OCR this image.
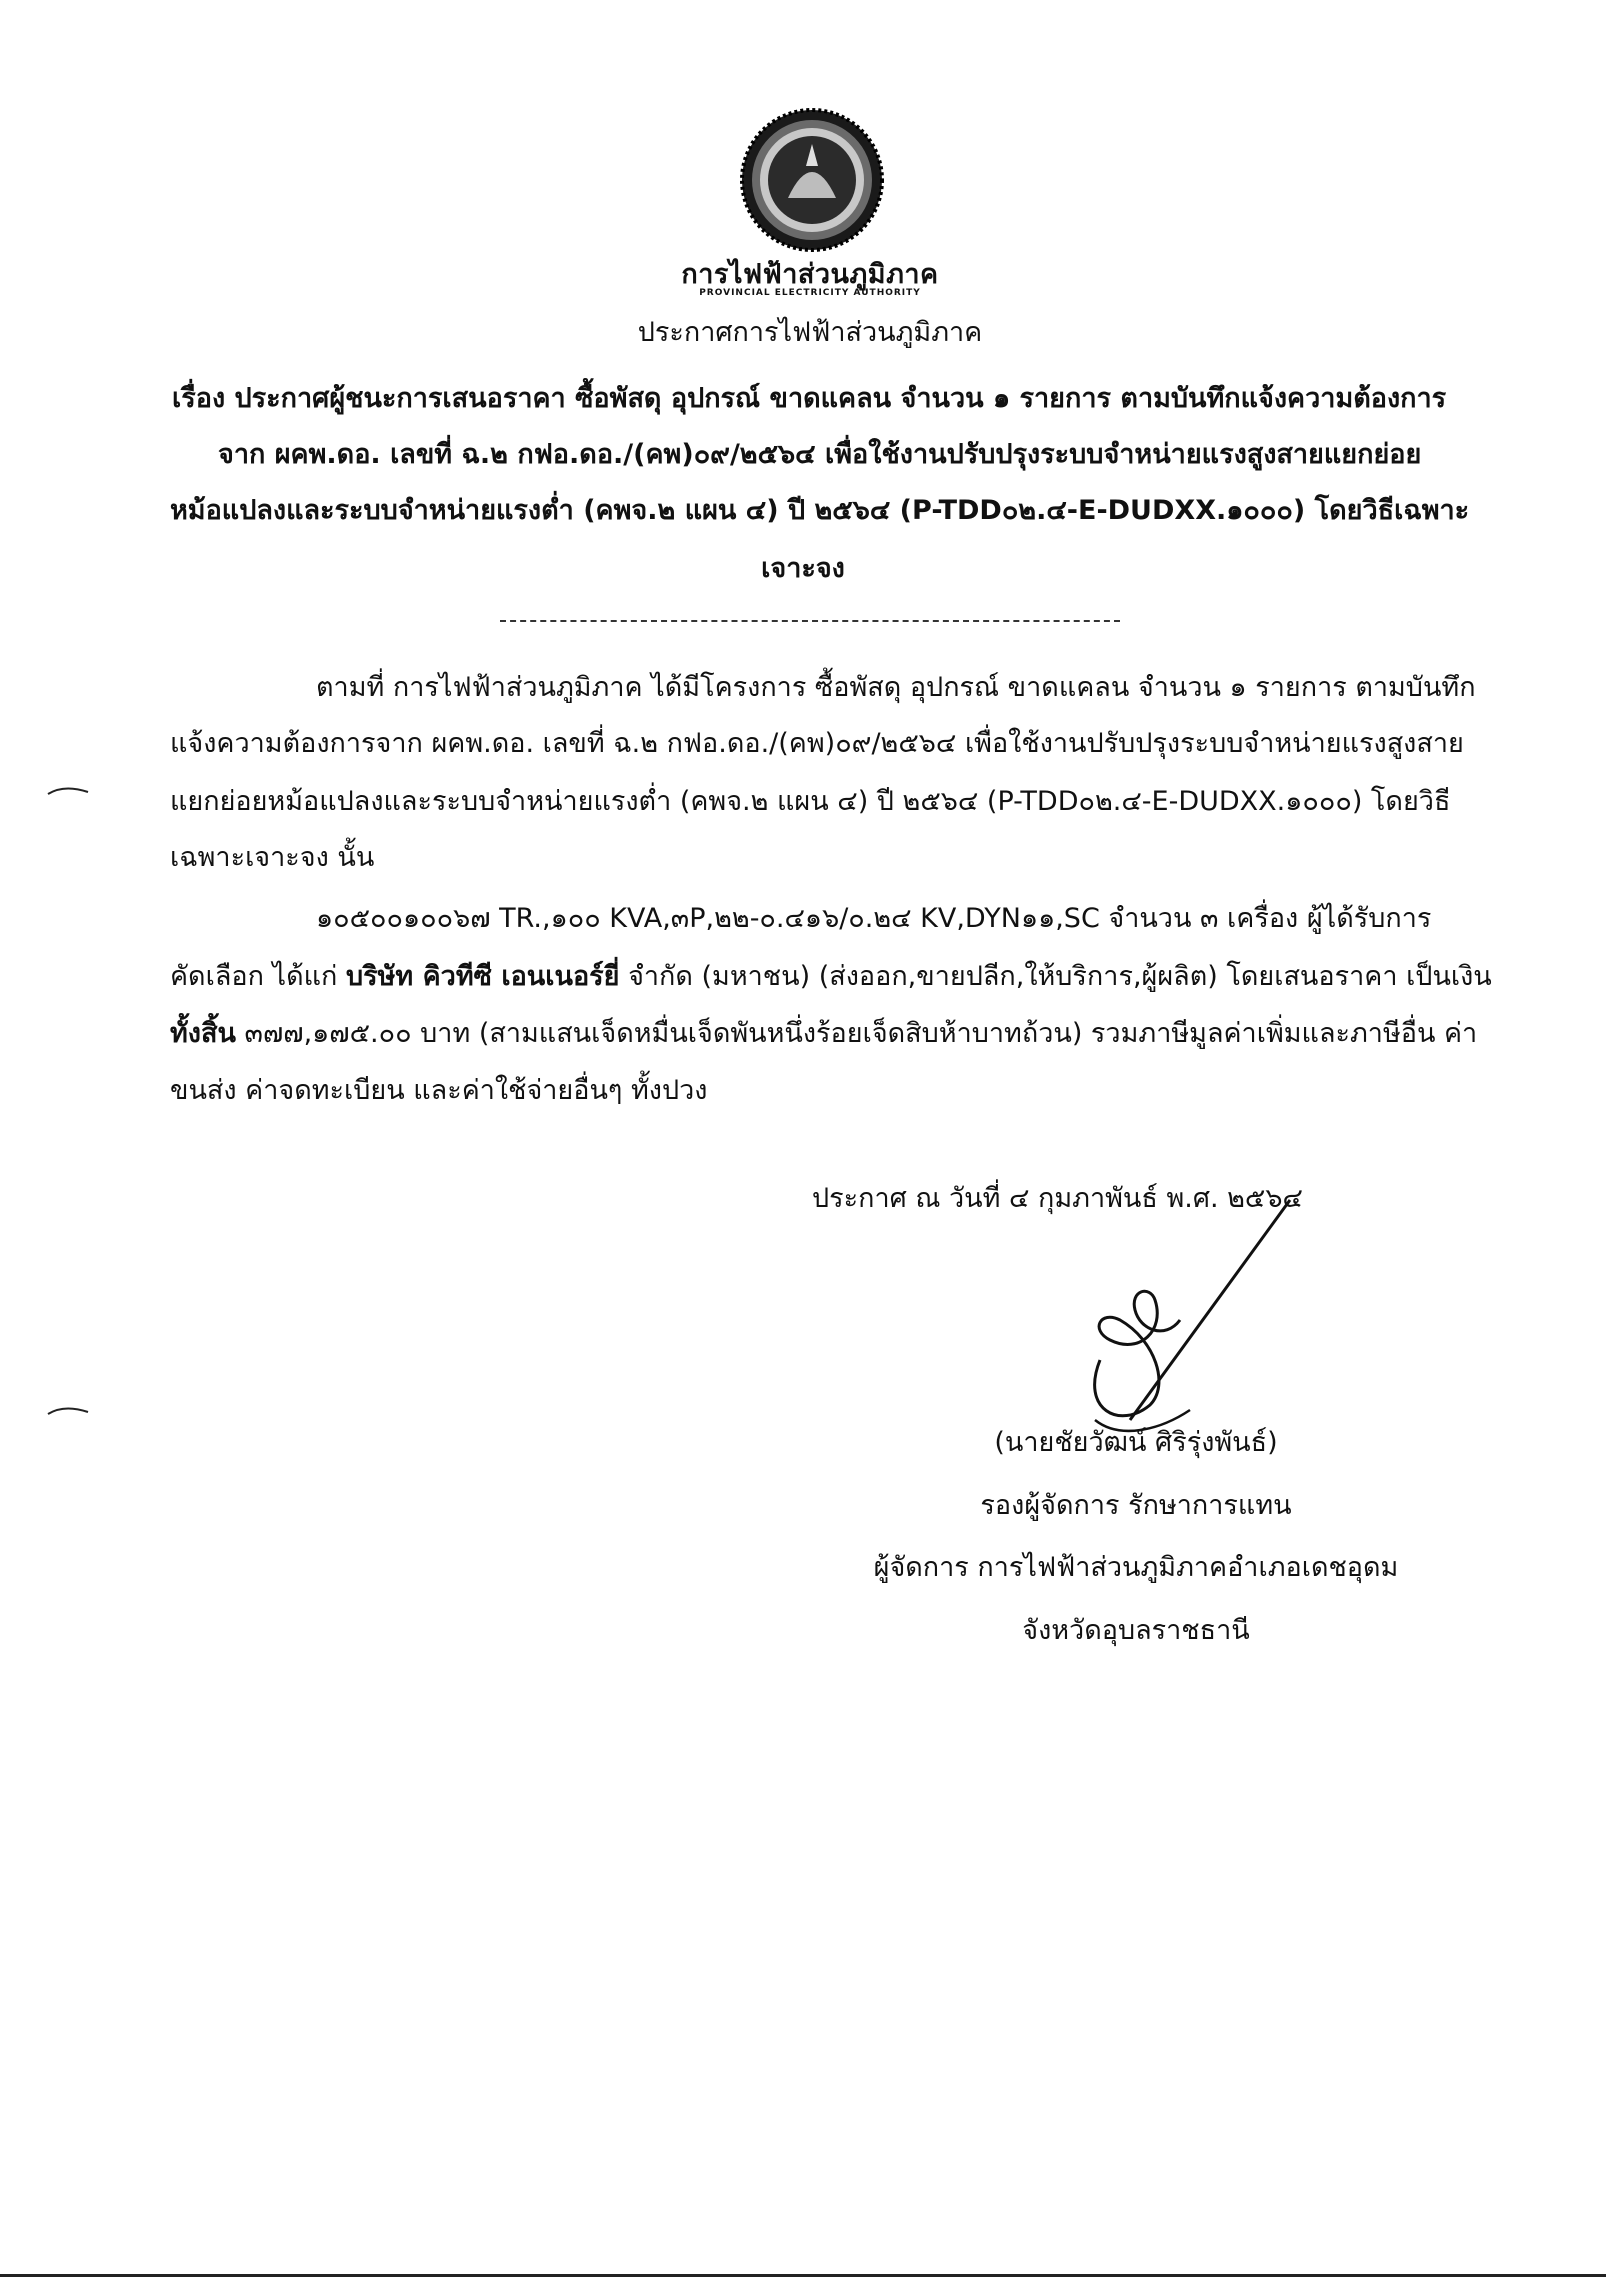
การไฟฟ้าส่วนภูมิภาค
PROVINCIAL ELECTRICITY AUTHORITY
ประกาศการไฟฟ้าส่วนภูมิภาค
เรื่อง ประกาศผู้ชนะการเสนอราคา ซื้อพัสดุ อุปกรณ์ ขาดแคลน จำนวน ๑ รายการ ตามบันทึกแจ้งความต้องการ
จาก ผคพ.ดอ. เลขที่ ฉ.๒ กฟอ.ดอ./(คพ)๐๙/๒๕๖๔ เพื่อใช้งานปรับปรุงระบบจำหน่ายแรงสูงสายแยกย่อย
หม้อแปลงและระบบจำหน่ายแรงต่ำ (คพจ.๒ แผน ๔) ปี ๒๕๖๔ (P-TDD๐๒.๔-E-DUDXX.๑๐๐๐) โดยวิธีเฉพาะ
เจาะจง
ตามที่ การไฟฟ้าส่วนภูมิภาค ได้มีโครงการ ซื้อพัสดุ อุปกรณ์ ขาดแคลน จำนวน ๑ รายการ ตามบันทึก
แจ้งความต้องการจาก ผคพ.ดอ. เลขที่ ฉ.๒ กฟอ.ดอ./(คพ)๐๙/๒๕๖๔ เพื่อใช้งานปรับปรุงระบบจำหน่ายแรงสูงสาย
แยกย่อยหม้อแปลงและระบบจำหน่ายแรงต่ำ (คพจ.๒ แผน ๔) ปี ๒๕๖๔ (P-TDD๐๒.๔-E-DUDXX.๑๐๐๐) โดยวิธี
เฉพาะเจาะจง นั้น
๑๐๕๐๐๑๐๐๖๗ TR.,๑๐๐ KVA,๓P,๒๒-๐.๔๑๖/๐.๒๔ KV,DYN๑๑,SC จำนวน ๓ เครื่อง ผู้ได้รับการ
คัดเลือก ได้แก่ บริษัท คิวทีซี เอนเนอร์ยี่ จำกัด (มหาชน) (ส่งออก,ขายปลีก,ให้บริการ,ผู้ผลิต) โดยเสนอราคา เป็นเงิน
ทั้งสิ้น ๓๗๗,๑๗๕.๐๐ บาท (สามแสนเจ็ดหมื่นเจ็ดพันหนึ่งร้อยเจ็ดสิบห้าบาทถ้วน) รวมภาษีมูลค่าเพิ่มและภาษีอื่น ค่า
ขนส่ง ค่าจดทะเบียน และค่าใช้จ่ายอื่นๆ ทั้งปวง
ประกาศ ณ วันที่ ๔ กุมภาพันธ์ พ.ศ. ๒๕๖๔
(นายชัยวัฒน์ ศิริรุ่งพันธ์)
รองผู้จัดการ รักษาการแทน
ผู้จัดการ การไฟฟ้าส่วนภูมิภาคอำเภอเดชอุดม
จังหวัดอุบลราชธานี
